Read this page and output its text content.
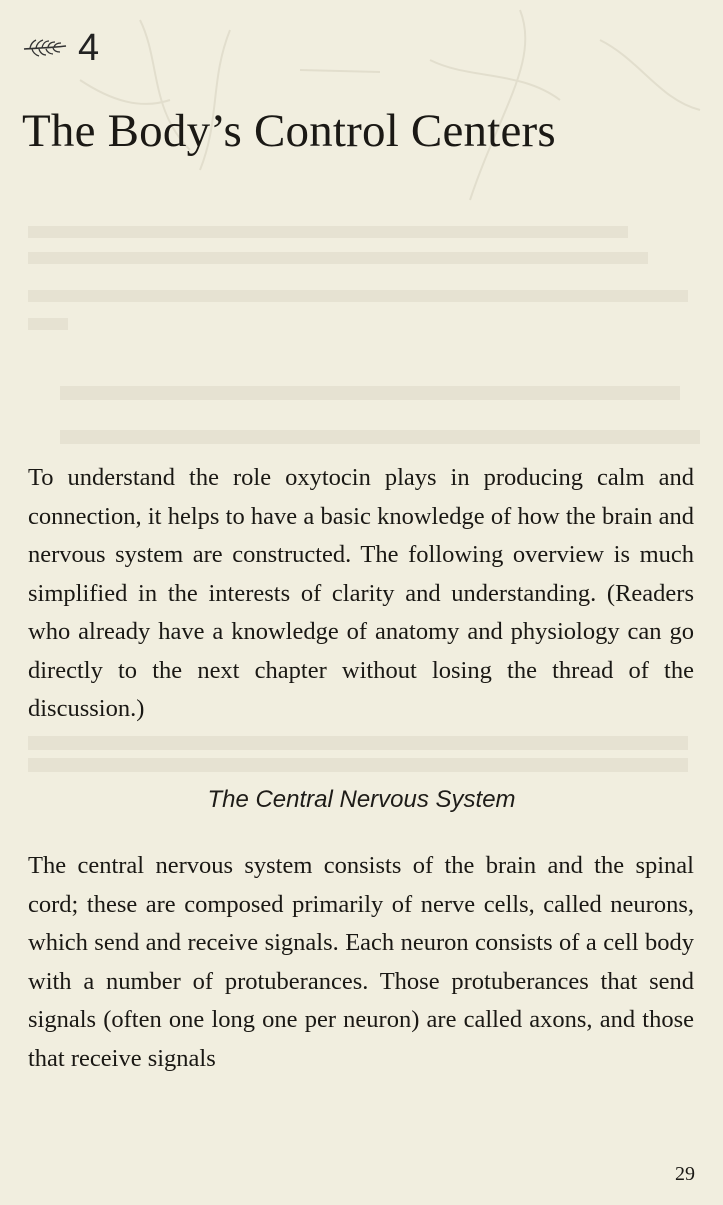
4
The Body’s Control Centers

To understand the role oxytocin plays in producing calm and connection, it helps to have a basic knowledge of how the brain and nervous system are constructed. The following overview is much simplified in the interests of clarity and understanding. (Readers who already have a knowledge of anatomy and physiology can go directly to the next chapter without losing the thread of the discussion.)

The Central Nervous System

The central nervous system consists of the brain and the spinal cord; these are composed primarily of nerve cells, called neurons, which send and receive signals. Each neuron consists of a cell body with a number of protuberances. Those protuberances that send signals (often one long one per neuron) are called axons, and those that receive signals

29
